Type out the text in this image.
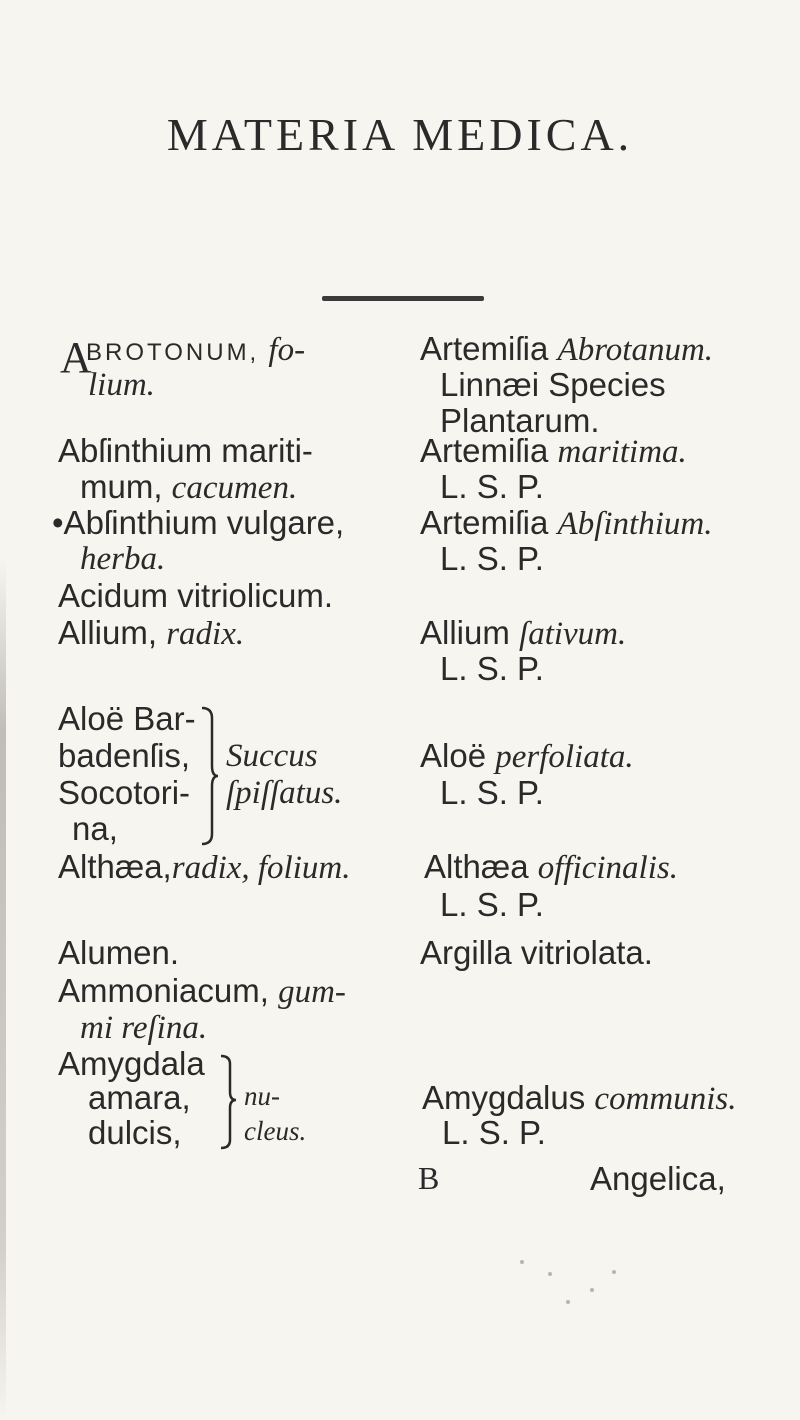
MATERIA MEDICA.
A
BROTONUM, fo-
lium.
Abſinthium mariti-
mum, cacumen.
•Abſinthium vulgare,
herba.
Acidum vitriolicum.
Allium, radix.
Aloë Bar-
badenſis,
Socotori-
na,
Succus
ſpiſſatus.
Althæa,radix, folium.
Alumen.
Ammoniacum, gum-
mi reſina.
Amygdala
amara,
dulcis,
nu-
cleus.
Artemiſia Abrotanum.
Linnæi Species
Plantarum.
Artemiſia maritima.
L. S. P.
Artemiſia Abſinthium.
L. S. P.
Allium ſativum.
L. S. P.
Aloë perfoliata.
L. S. P.
Althæa officinalis.
L. S. P.
Argilla vitriolata.
Amygdalus communis.
L. S. P.
B	Angelica,
